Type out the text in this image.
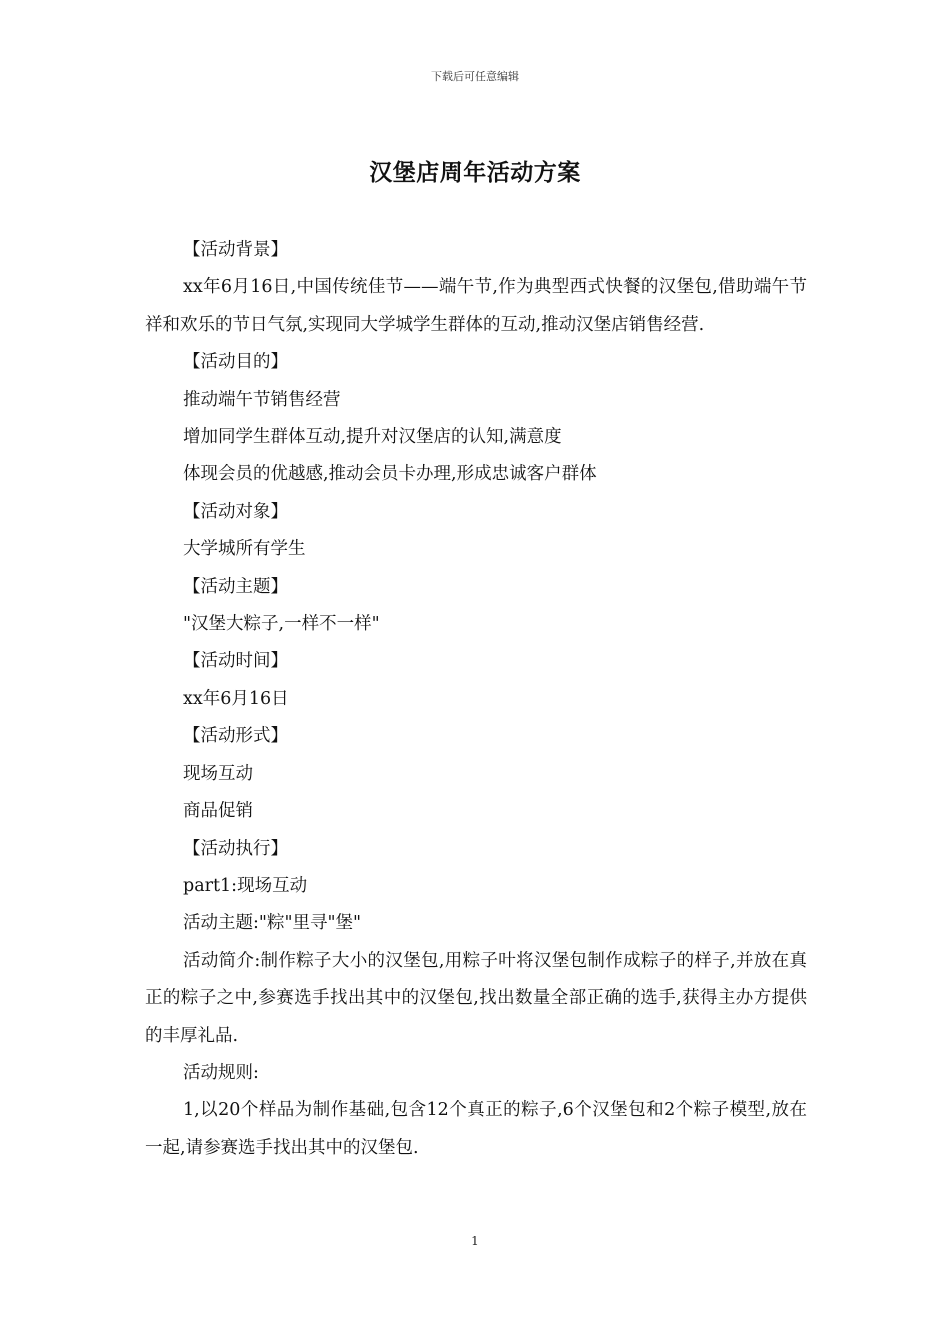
下载后可任意编辑
汉堡店周年活动方案

【活动背景】

xx年6月16日,中国传统佳节——端午节,作为典型西式快餐的汉堡包,借助端午节祥和欢乐的节日气氛,实现同大学城学生群体的互动,推动汉堡店销售经营.

【活动目的】

推动端午节销售经营

增加同学生群体互动,提升对汉堡店的认知,满意度

体现会员的优越感,推动会员卡办理,形成忠诚客户群体

【活动对象】

大学城所有学生

【活动主题】

"汉堡大粽子,一样不一样"

【活动时间】

xx年6月16日

【活动形式】

现场互动

商品促销

【活动执行】

part1:现场互动

活动主题:"粽"里寻"堡"

活动简介:制作粽子大小的汉堡包,用粽子叶将汉堡包制作成粽子的样子,并放在真正的粽子之中,参赛选手找出其中的汉堡包,找出数量全部正确的选手,获得主办方提供的丰厚礼品.

活动规则:

1,以20个样品为制作基础,包含12个真正的粽子,6个汉堡包和2个粽子模型,放在一起,请参赛选手找出其中的汉堡包.

1
